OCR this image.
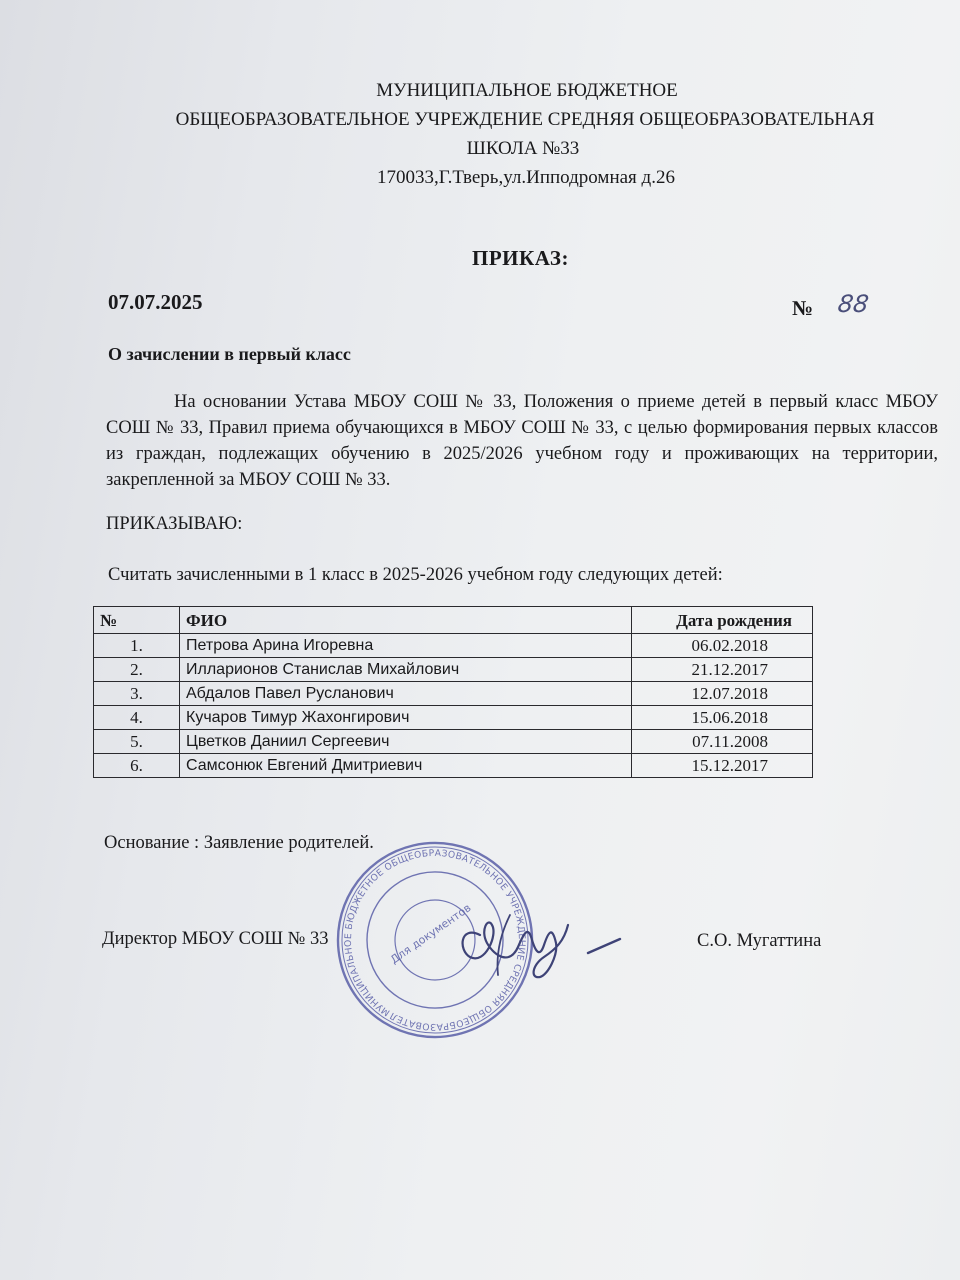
МУНИЦИПАЛЬНОЕ БЮДЖЕТНОЕ
ОБЩЕОБРАЗОВАТЕЛЬНОЕ УЧРЕЖДЕНИЕ СРЕДНЯЯ ОБЩЕОБРАЗОВАТЕЛЬНАЯ
ШКОЛА №33
170033,Г.Тверь,ул.Ипподромная д.26
ПРИКАЗ:
07.07.2025	№ 88
О зачислении в первый класс
На основании Устава МБОУ СОШ № 33, Положения о приеме детей в первый класс МБОУ СОШ № 33, Правил приема обучающихся в МБОУ СОШ № 33, с целью формирования первых классов из граждан, подлежащих обучению в 2025/2026 учебном году и проживающих на территории, закрепленной за МБОУ СОШ № 33.
ПРИКАЗЫВАЮ:
Считать зачисленными в 1 класс в 2025-2026 учебном году следующих детей:
№	ФИО	Дата рождения
1.	Петрова Арина Игоревна	06.02.2018
2.	Илларионов Станислав Михайлович	21.12.2017
3.	Абдалов Павел Русланович	12.07.2018
4.	Кучаров Тимур Жахонгирович	15.06.2018
5.	Цветков Даниил Сергеевич	07.11.2008
6.	Самсонюк Евгений Дмитриевич	15.12.2017
Основание : Заявление родителей.
Директор МБОУ СОШ № 33	С.О. Мугаттина
МУНИЦИПАЛЬНОЕ БЮДЖЕТНОЕ ОБЩЕОБРАЗОВАТЕЛЬНОЕ УЧРЕЖДЕНИЕ СРЕДНЯЯ ОБЩЕОБРАЗОВАТЕЛЬНАЯ
Для документов
